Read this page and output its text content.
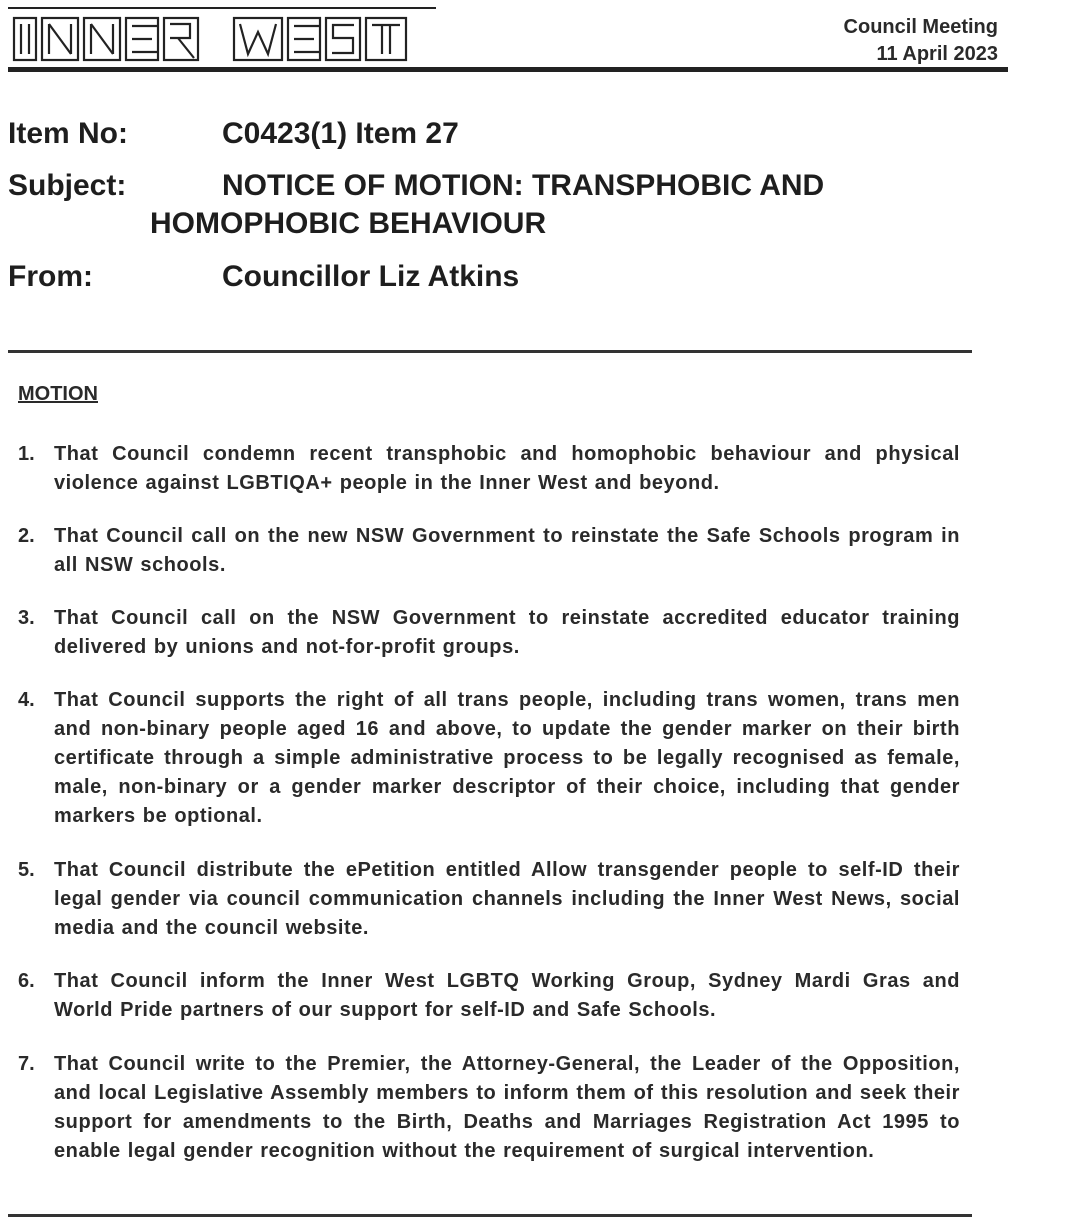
Council Meeting
11 April 2023
Item No:	C0423(1) Item 27
Subject:	NOTICE OF MOTION: TRANSPHOBIC AND
HOMOPHOBIC BEHAVIOUR
From:	Councillor Liz Atkins
MOTION
1. That Council condemn recent transphobic and homophobic behaviour and physical violence against LGBTIQA+ people in the Inner West and beyond.
2. That Council call on the new NSW Government to reinstate the Safe Schools program in all NSW schools.
3. That Council call on the NSW Government to reinstate accredited educator training delivered by unions and not-for-profit groups.
4. That Council supports the right of all trans people, including trans women, trans men and non-binary people aged 16 and above, to update the gender marker on their birth certificate through a simple administrative process to be legally recognised as female, male, non-binary or a gender marker descriptor of their choice, including that gender markers be optional.
5. That Council distribute the ePetition entitled Allow transgender people to self-ID their legal gender via council communication channels including the Inner West News, social media and the council website.
6. That Council inform the Inner West LGBTQ Working Group, Sydney Mardi Gras and World Pride partners of our support for self-ID and Safe Schools.
7. That Council write to the Premier, the Attorney-General, the Leader of the Opposition, and local Legislative Assembly members to inform them of this resolution and seek their support for amendments to the Birth, Deaths and Marriages Registration Act 1995 to enable legal gender recognition without the requirement of surgical intervention.
